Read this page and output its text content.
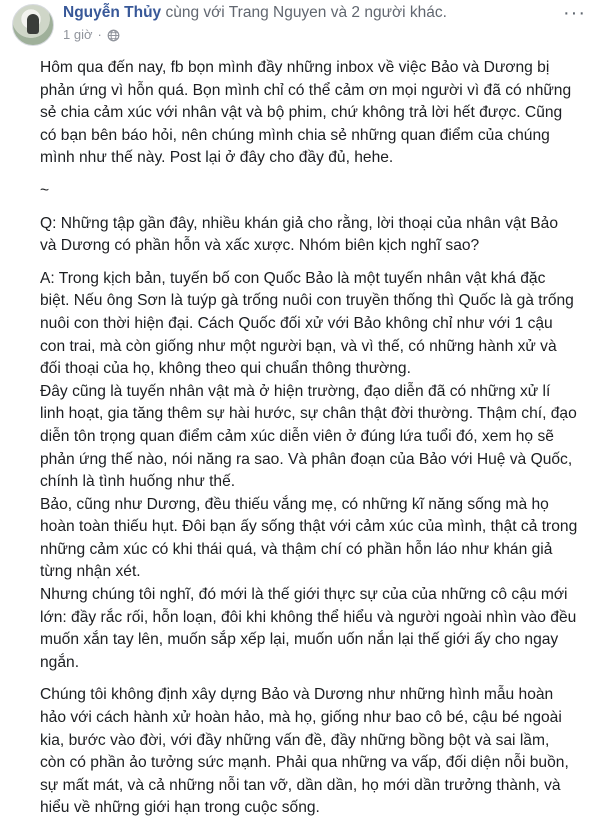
Nguyễn Thủy cùng với Trang Nguyen và 2 người khác.
1 giờ ·
···

Hôm qua đến nay, fb bọn mình đầy những inbox về việc Bảo và Dương bị phản ứng vì hỗn quá. Bọn mình chỉ có thể cảm ơn mọi người vì đã có những sẻ chia cảm xúc với nhân vật và bộ phim, chứ không trả lời hết được. Cũng có bạn bên báo hỏi, nên chúng mình chia sẻ những quan điểm của chúng mình như thế này. Post lại ở đây cho đầy đủ, hehe.

~

Q: Những tập gần đây, nhiều khán giả cho rằng, lời thoại của nhân vật Bảo và Dương có phần hỗn và xấc xược. Nhóm biên kịch nghĩ sao?

A: Trong kịch bản, tuyến bố con Quốc Bảo là một tuyến nhân vật khá đặc biệt. Nếu ông Sơn là tuýp gà trống nuôi con truyền thống thì Quốc là gà trống nuôi con thời hiện đại. Cách Quốc đối xử với Bảo không chỉ như với 1 cậu con trai, mà còn giống như một người bạn, và vì thế, có những hành xử và đối thoại của họ, không theo qui chuẩn thông thường.

Đây cũng là tuyến nhân vật mà ở hiện trường, đạo diễn đã có những xử lí linh hoạt, gia tăng thêm sự hài hước, sự chân thật đời thường. Thậm chí, đạo diễn tôn trọng quan điểm cảm xúc diễn viên ở đúng lứa tuổi đó, xem họ sẽ phản ứng thế nào, nói năng ra sao. Và phân đoạn của Bảo với Huệ và Quốc, chính là tình huống như thế.

Bảo, cũng như Dương, đều thiếu vắng mẹ, có những kĩ năng sống mà họ hoàn toàn thiếu hụt. Đôi bạn ấy sống thật với cảm xúc của mình, thật cả trong những cảm xúc có khi thái quá, và thậm chí có phần hỗn láo như khán giả từng nhận xét.

Nhưng chúng tôi nghĩ, đó mới là thế giới thực sự của của những cô cậu mới lớn: đầy rắc rối, hỗn loạn, đôi khi không thể hiểu và người ngoài nhìn vào đều muốn xắn tay lên, muốn sắp xếp lại, muốn uốn nắn lại thế giới ấy cho ngay ngắn.

Chúng tôi không định xây dựng Bảo và Dương như những hình mẫu hoàn hảo với cách hành xử hoàn hảo, mà họ, giống như bao cô bé, cậu bé ngoài kia, bước vào đời, với đầy những vấn đề, đầy những bồng bột và sai lầm, còn có phần ảo tưởng sức mạnh. Phải qua những va vấp, đối diện nỗi buồn, sự mất mát, và cả những nỗi tan vỡ, dần dần, họ mới dần trưởng thành, và hiểu về những giới hạn trong cuộc sống.
